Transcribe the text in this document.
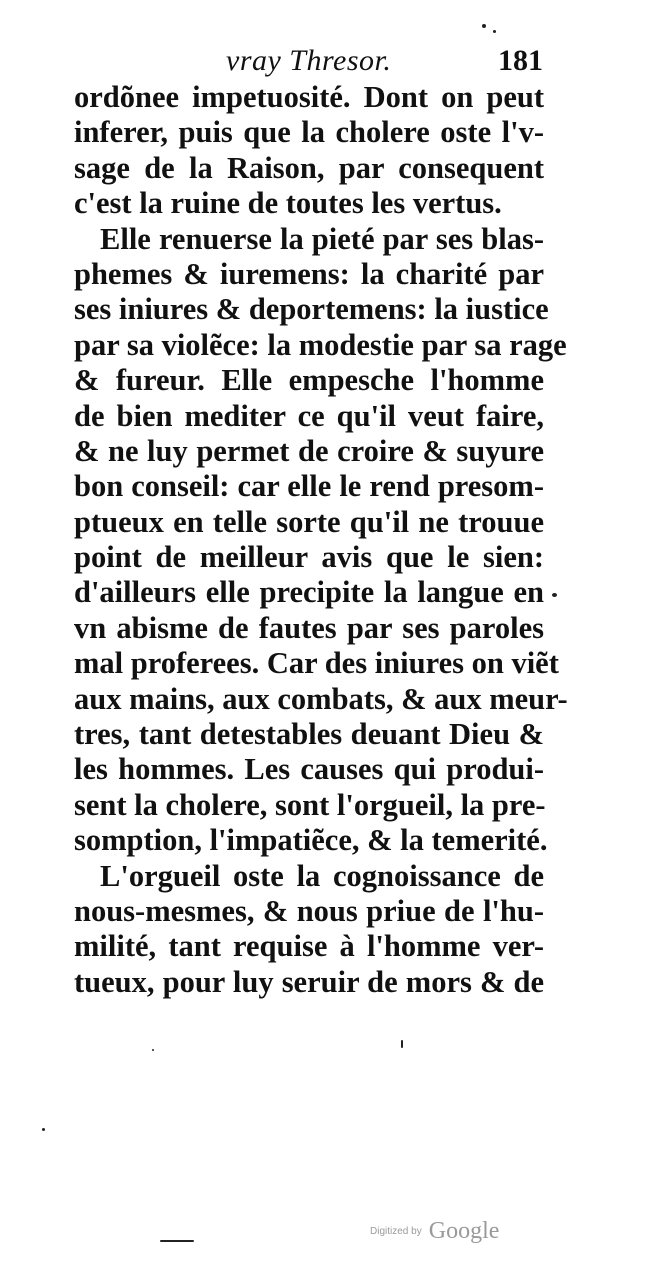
vray Thresor.	181
ordõnee impetuosité. Dont on peut
inferer, puis que la cholere oste l'v-
sage de la Raison, par consequent
c'est la ruine de toutes les vertus.
Elle renuerse la pieté par ses blas-
phemes & iuremens: la charité par
ses iniures & deportemens: la iustice
par sa violẽce: la modestie par sa rage
& fureur. Elle empesche l'homme
de bien mediter ce qu'il veut faire,
& ne luy permet de croire & suyure
bon conseil: car elle le rend presom-
ptueux en telle sorte qu'il ne trouue
point de meilleur avis que le sien:
d'ailleurs elle precipite la langue en
vn abisme de fautes par ses paroles
mal proferees. Car des iniures on viẽt
aux mains, aux combats, & aux meur-
tres, tant detestables deuant Dieu &
les hommes. Les causes qui produi-
sent la cholere, sont l'orgueil, la pre-
somption, l'impatiẽce, & la temerité.
L'orgueil oste la cognoissance de
nous-mesmes, & nous priue de l'hu-
milité, tant requise à l'homme ver-
tueux, pour luy seruir de mors & de
Digitized by Google
